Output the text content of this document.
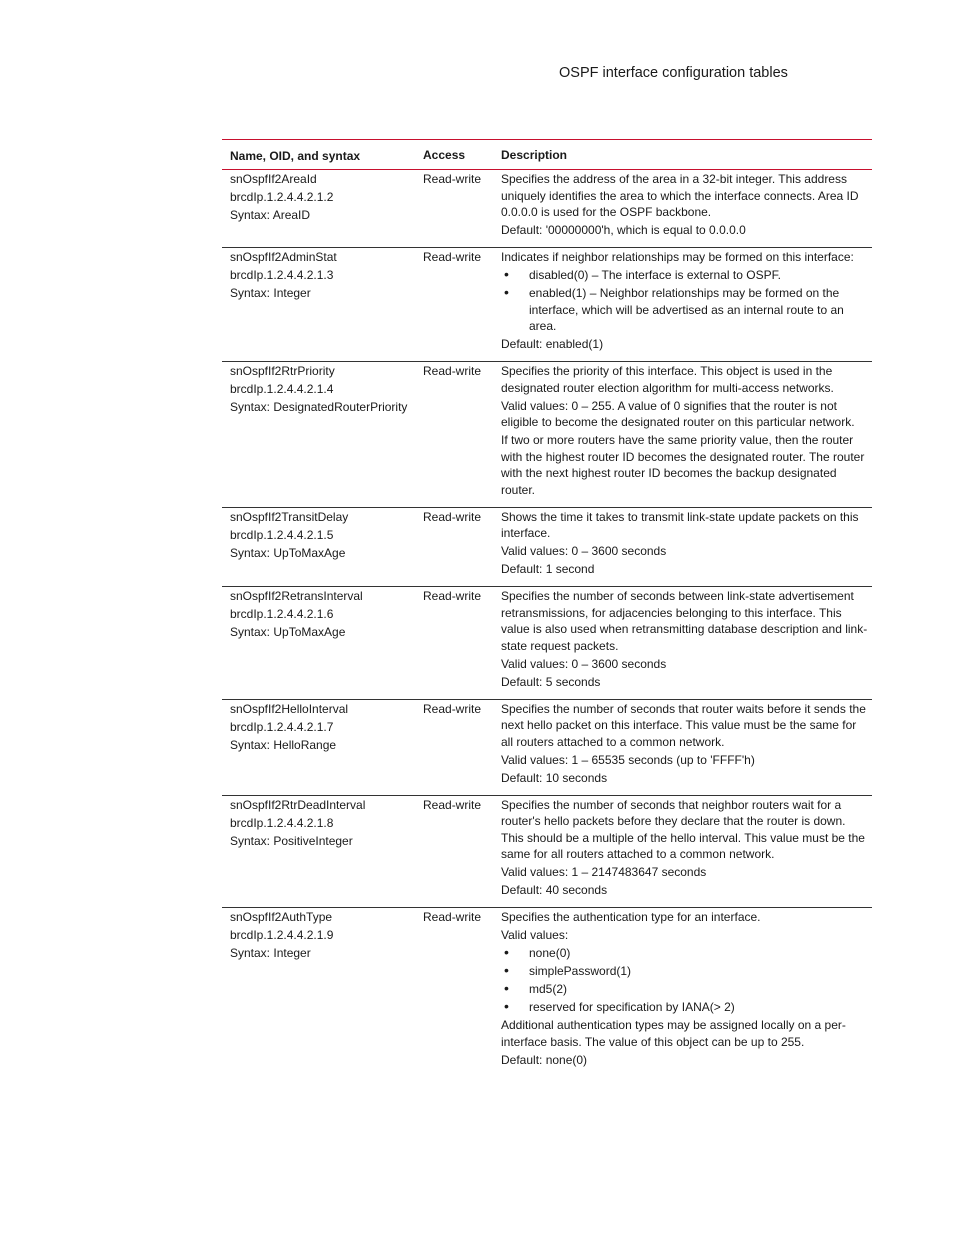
OSPF interface configuration tables
Name, OID, and syntax	Access	Description
snOspfIf2AreaId
brcdIp.1.2.4.4.2.1.2
Syntax: AreaID
Read-write	Specifies the address of the area in a 32-bit integer. This address uniquely identifies the area to which the interface connects. Area ID 0.0.0.0 is used for the OSPF backbone.
Default: '00000000'h, which is equal to 0.0.0.0
snOspfIf2AdminStat
brcdIp.1.2.4.4.2.1.3
Syntax: Integer
Read-write	Indicates if neighbor relationships may be formed on this interface:
• disabled(0) – The interface is external to OSPF.
• enabled(1) – Neighbor relationships may be formed on the interface, which will be advertised as an internal route to an area.
Default: enabled(1)
snOspfIf2RtrPriority
brcdIp.1.2.4.4.2.1.4
Syntax: DesignatedRouterPriority
Read-write	Specifies the priority of this interface. This object is used in the designated router election algorithm for multi-access networks.
Valid values: 0 – 255. A value of 0 signifies that the router is not eligible to become the designated router on this particular network.
If two or more routers have the same priority value, then the router with the highest router ID becomes the designated router. The router with the next highest router ID becomes the backup designated router.
snOspfIf2TransitDelay
brcdIp.1.2.4.4.2.1.5
Syntax: UpToMaxAge
Read-write	Shows the time it takes to transmit link-state update packets on this interface.
Valid values: 0 – 3600 seconds
Default: 1 second
snOspfIf2RetransInterval
brcdIp.1.2.4.4.2.1.6
Syntax: UpToMaxAge
Read-write	Specifies the number of seconds between link-state advertisement retransmissions, for adjacencies belonging to this interface. This value is also used when retransmitting database description and link-state request packets.
Valid values: 0 – 3600 seconds
Default: 5 seconds
snOspfIf2HelloInterval
brcdIp.1.2.4.4.2.1.7
Syntax: HelloRange
Read-write	Specifies the number of seconds that router waits before it sends the next hello packet on this interface. This value must be the same for all routers attached to a common network.
Valid values: 1 – 65535 seconds (up to 'FFFF'h)
Default: 10 seconds
snOspfIf2RtrDeadInterval
brcdIp.1.2.4.4.2.1.8
Syntax: PositiveInteger
Read-write	Specifies the number of seconds that neighbor routers wait for a router's hello packets before they declare that the router is down. This should be a multiple of the hello interval. This value must be the same for all routers attached to a common network.
Valid values: 1 – 2147483647 seconds
Default: 40 seconds
snOspfIf2AuthType
brcdIp.1.2.4.4.2.1.9
Syntax: Integer
Read-write	Specifies the authentication type for an interface.
Valid values:
• none(0)
• simplePassword(1)
• md5(2)
• reserved for specification by IANA(> 2)
Additional authentication types may be assigned locally on a per-interface basis. The value of this object can be up to 255.
Default: none(0)
